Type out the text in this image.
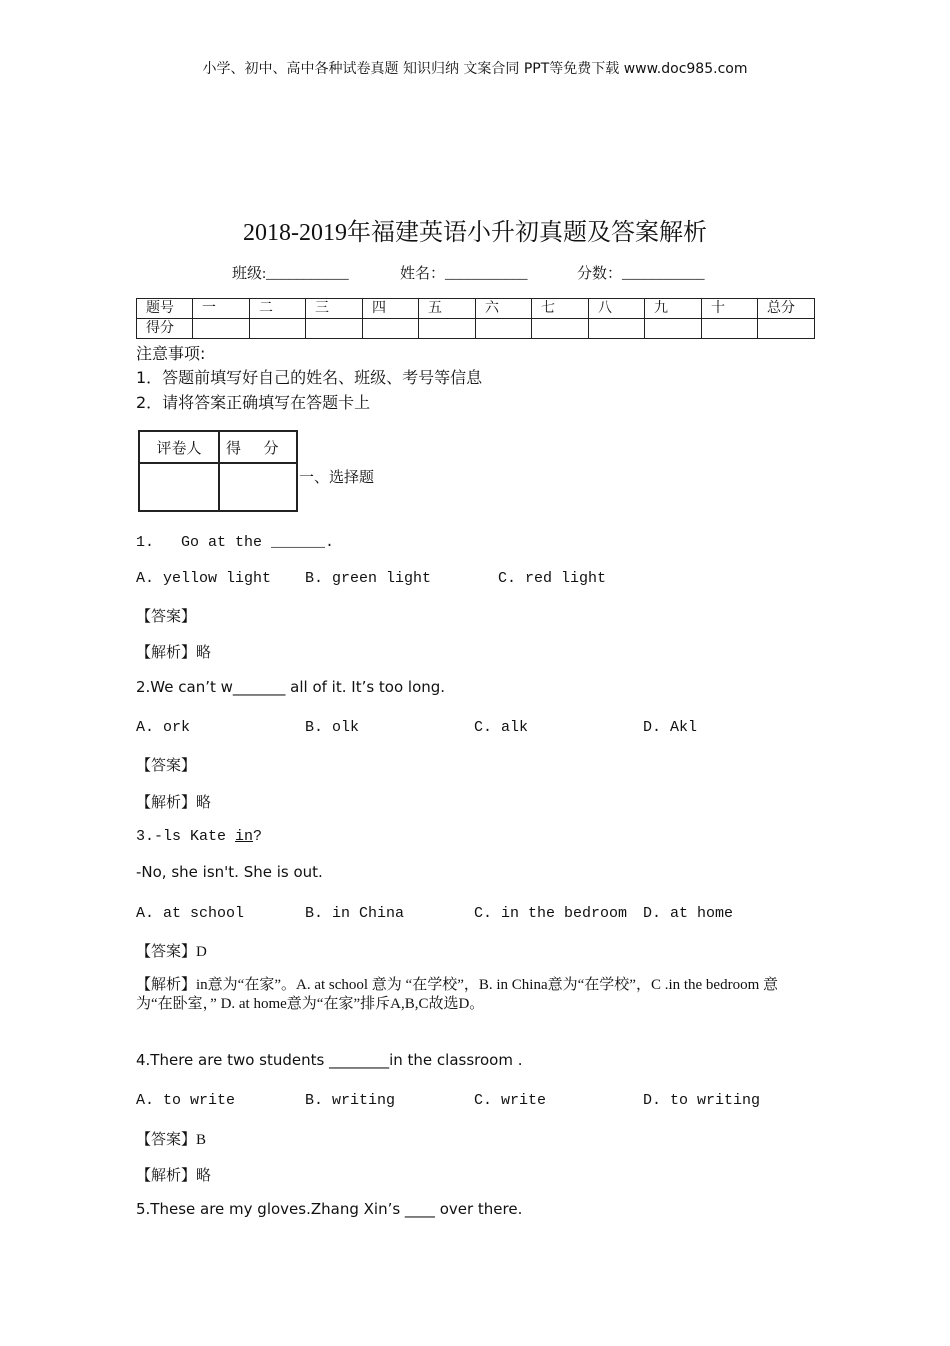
小学、初中、高中各种试卷真题 知识归纳 文案合同 PPT等免费下载 www.doc985.com
2018-2019年福建英语小升初真题及答案解析
班级:___________	姓名：___________	分数：___________
题号	一	二	三	四	五	六	七	八	九	十	总分
得分											
注意事项:
1．答题前填写好自己的姓名、班级、考号等信息
2．请将答案正确填写在答题卡上
评卷人	得      分

一、选择题
1.   Go at the ______.
A. yellow light B. green light	C. red light
【答案】
【解析】略
2.We can’t w_______ all of it. It’s too long.
A. ork	B. olk	C. alk	D. Akl
【答案】
【解析】略
3.-ls Kate in?
-No, she isn't. She is out.
A. at school	B. in China	C. in the bedroom D. at home
【答案】D
【解析】in意为“在家”。A. at school 意为 “在学校”，B. in China意为“在学校”，C .in the bedroom 意为“在卧室，” D. at home意为“在家”排斥A,B,C故选D。
4.There are two students ________in the classroom .
A. to write	B. writing	C. write	D. to writing
【答案】B
【解析】略
5.These are my gloves.Zhang Xin’s ____ over there.
